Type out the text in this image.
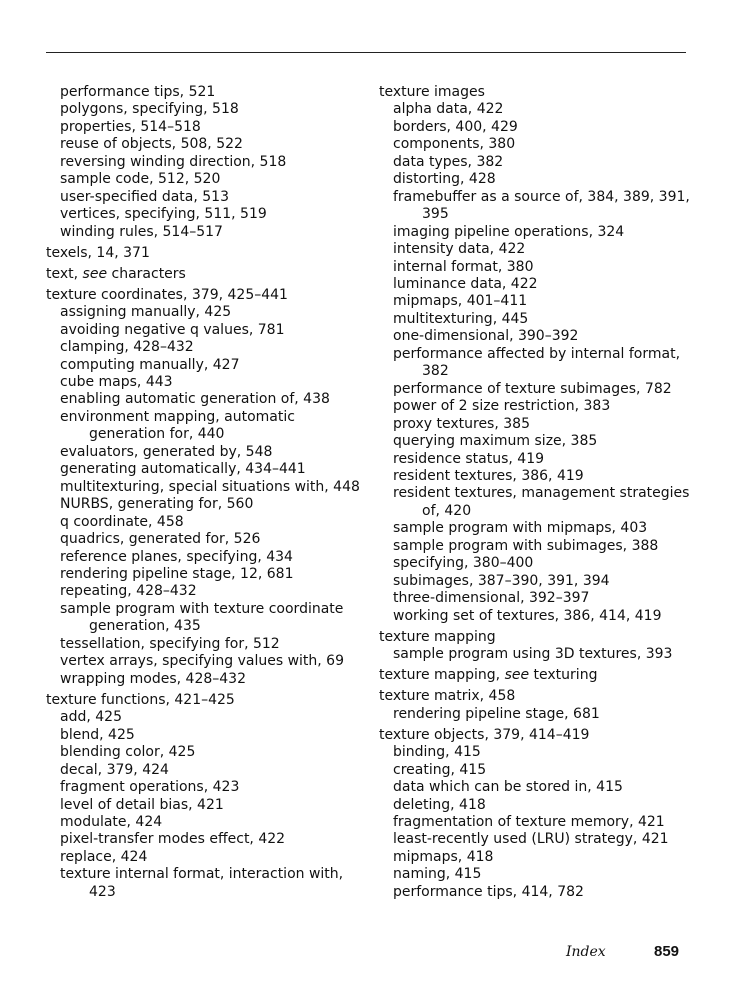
performance tips, 521
polygons, specifying, 518
properties, 514–518
reuse of objects, 508, 522
reversing winding direction, 518
sample code, 512, 520
user-specified data, 513
vertices, specifying, 511, 519
winding rules, 514–517
texels, 14, 371
text, see characters
texture coordinates, 379, 425–441
assigning manually, 425
avoiding negative q values, 781
clamping, 428–432
computing manually, 427
cube maps, 443
enabling automatic generation of, 438
environment mapping, automatic
generation for, 440
evaluators, generated by, 548
generating automatically, 434–441
multitexturing, special situations with, 448
NURBS, generating for, 560
q coordinate, 458
quadrics, generated for, 526
reference planes, specifying, 434
rendering pipeline stage, 12, 681
repeating, 428–432
sample program with texture coordinate
generation, 435
tessellation, specifying for, 512
vertex arrays, specifying values with, 69
wrapping modes, 428–432
texture functions, 421–425
add, 425
blend, 425
blending color, 425
decal, 379, 424
fragment operations, 423
level of detail bias, 421
modulate, 424
pixel-transfer modes effect, 422
replace, 424
texture internal format, interaction with,
423
texture images
alpha data, 422
borders, 400, 429
components, 380
data types, 382
distorting, 428
framebuffer as a source of, 384, 389, 391,
395
imaging pipeline operations, 324
intensity data, 422
internal format, 380
luminance data, 422
mipmaps, 401–411
multitexturing, 445
one-dimensional, 390–392
performance affected by internal format,
382
performance of texture subimages, 782
power of 2 size restriction, 383
proxy textures, 385
querying maximum size, 385
residence status, 419
resident textures, 386, 419
resident textures, management strategies
of, 420
sample program with mipmaps, 403
sample program with subimages, 388
specifying, 380–400
subimages, 387–390, 391, 394
three-dimensional, 392–397
working set of textures, 386, 414, 419
texture mapping
sample program using 3D textures, 393
texture mapping, see texturing
texture matrix, 458
rendering pipeline stage, 681
texture objects, 379, 414–419
binding, 415
creating, 415
data which can be stored in, 415
deleting, 418
fragmentation of texture memory, 421
least-recently used (LRU) strategy, 421
mipmaps, 418
naming, 415
performance tips, 414, 782
Index	859
